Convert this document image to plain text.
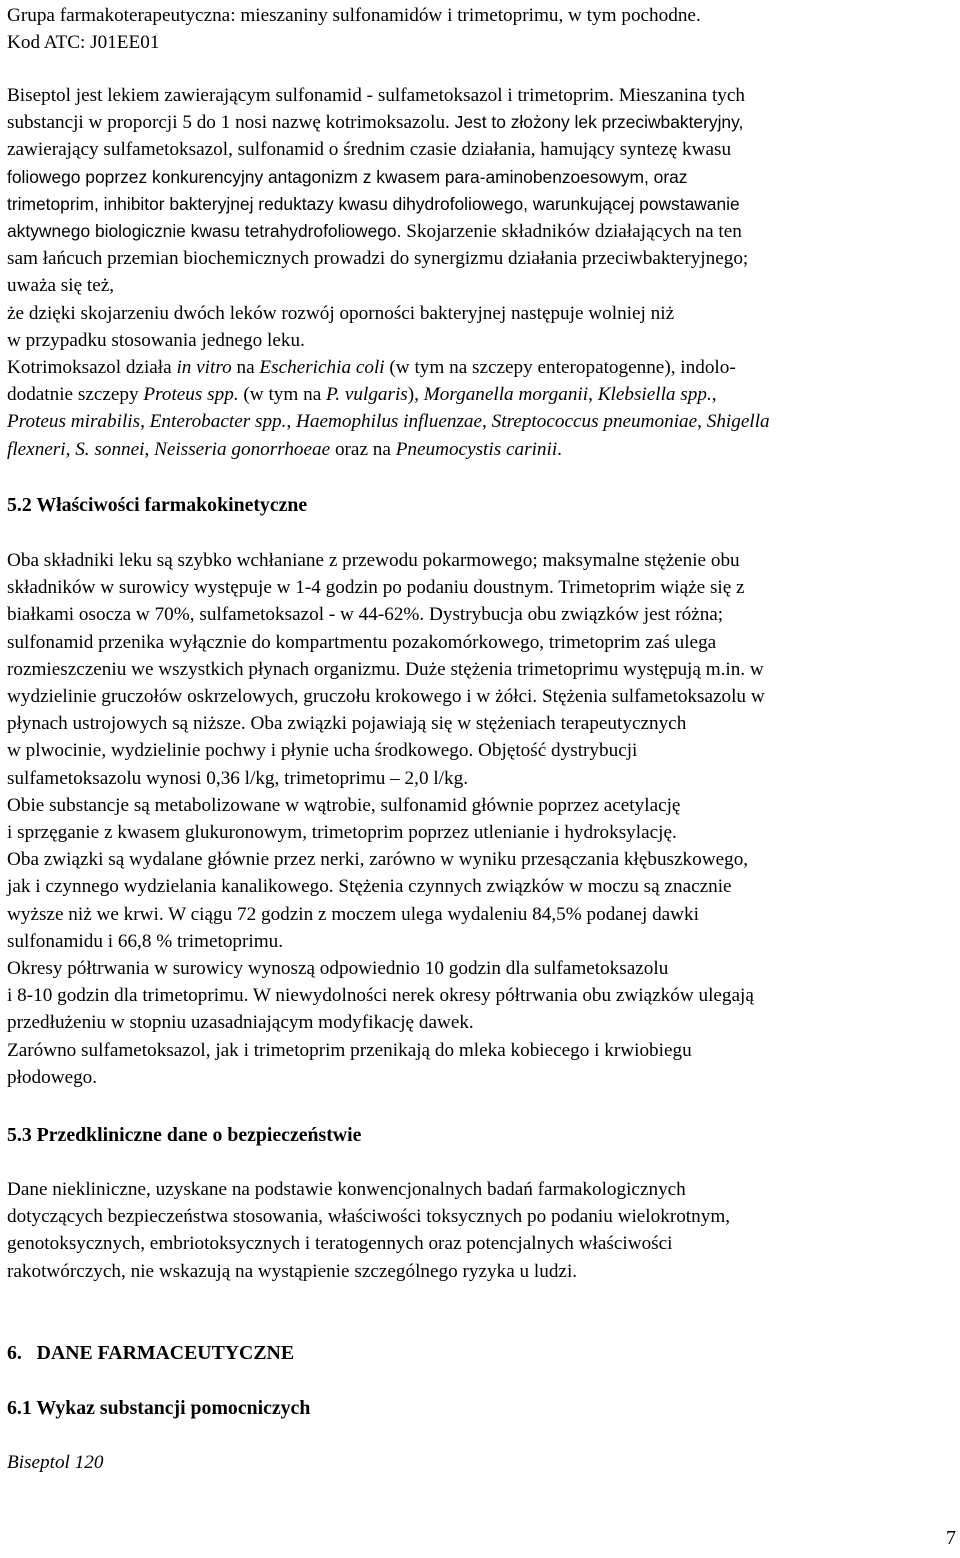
Grupa farmakoterapeutyczna: mieszaniny sulfonamidów i trimetoprimu, w tym pochodne.
Kod ATC: J01EE01
Biseptol jest lekiem zawierającym sulfonamid - sulfametoksazol i trimetoprim. Mieszanina tych
substancji w proporcji 5 do 1 nosi nazwę kotrimoksazolu. Jest to złożony lek przeciwbakteryjny,
zawierający sulfametoksazol, sulfonamid o średnim czasie działania, hamujący syntezę kwasu
foliowego poprzez konkurencyjny antagonizm z kwasem para-aminobenzoesowym, oraz
trimetoprim, inhibitor bakteryjnej reduktazy kwasu dihydrofoliowego, warunkującej powstawanie
aktywnego biologicznie kwasu tetrahydrofoliowego. Skojarzenie składników działających na ten
sam łańcuch przemian biochemicznych prowadzi do synergizmu działania przeciwbakteryjnego;
uważa się też,
że dzięki skojarzeniu dwóch leków rozwój oporności bakteryjnej następuje wolniej niż
w przypadku stosowania jednego leku.
Kotrimoksazol działa in vitro na Escherichia coli (w tym na szczepy enteropatogenne), indolo-
dodatnie szczepy Proteus spp. (w tym na P. vulgaris), Morganella morganii, Klebsiella spp.,
Proteus mirabilis, Enterobacter spp., Haemophilus influenzae, Streptococcus pneumoniae, Shigella
flexneri, S. sonnei, Neisseria gonorrhoeae oraz na Pneumocystis carinii.
5.2 Właściwości farmakokinetyczne
Oba składniki leku są szybko wchłaniane z przewodu pokarmowego; maksymalne stężenie obu
składników w surowicy występuje w 1-4 godzin po podaniu doustnym. Trimetoprim wiąże się z
białkami osocza w 70%, sulfametoksazol - w 44-62%. Dystrybucja obu związków jest różna;
sulfonamid przenika wyłącznie do kompartmentu pozakomórkowego, trimetoprim zaś ulega
rozmieszczeniu we wszystkich płynach organizmu. Duże stężenia trimetoprimu występują m.in. w
wydzielinie gruczołów oskrzelowych, gruczołu krokowego i w żółci. Stężenia sulfametoksazolu w
płynach ustrojowych są niższe. Oba związki pojawiają się w stężeniach terapeutycznych
w plwocinie, wydzielinie pochwy i płynie ucha środkowego. Objętość dystrybucji
sulfametoksazolu wynosi 0,36 l/kg, trimetoprimu – 2,0 l/kg.
Obie substancje są metabolizowane w wątrobie, sulfonamid głównie poprzez acetylację
i sprzęganie z kwasem glukuronowym, trimetoprim poprzez utlenianie i hydroksylację.
Oba związki są wydalane głównie przez nerki, zarówno w wyniku przesączania kłębuszkowego,
jak i czynnego wydzielania kanalikowego. Stężenia czynnych związków w moczu są znacznie
wyższe niż we krwi. W ciągu 72 godzin z moczem ulega wydaleniu 84,5% podanej dawki
sulfonamidu i 66,8 % trimetoprimu.
Okresy półtrwania w surowicy wynoszą odpowiednio 10 godzin dla sulfametoksazolu
i 8-10 godzin dla trimetoprimu. W niewydolności nerek okresy półtrwania obu związków ulegają
przedłużeniu w stopniu uzasadniającym modyfikację dawek.
Zarówno sulfametoksazol, jak i trimetoprim przenikają do mleka kobiecego i krwiobiegu
płodowego.
5.3 Przedkliniczne dane o bezpieczeństwie
Dane niekliniczne, uzyskane na podstawie konwencjonalnych badań farmakologicznych
dotyczących bezpieczeństwa stosowania, właściwości toksycznych po podaniu wielokrotnym,
genotoksycznych, embriotoksycznych i teratogennych oraz potencjalnych właściwości
rakotwórczych, nie wskazują na wystąpienie szczególnego ryzyka u ludzi.
6.   DANE FARMACEUTYCZNE
6.1 Wykaz substancji pomocniczych
Biseptol 120
7
